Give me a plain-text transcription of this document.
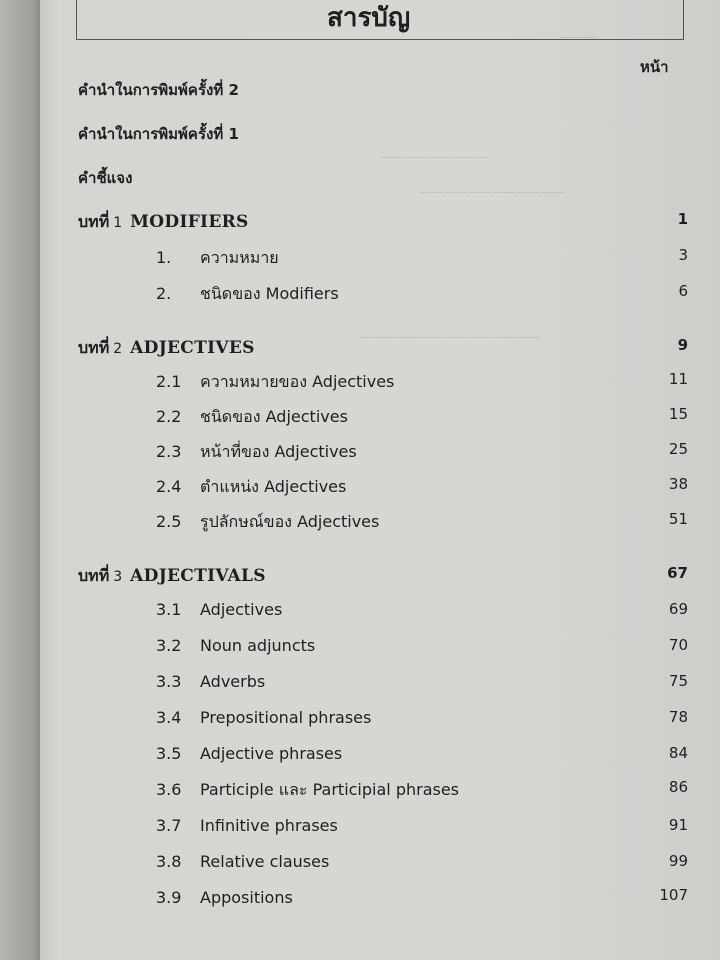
———
—————————
————————————
———————————————
สารบัญ
หน้า
คำนำในการพิมพ์ครั้งที่ 2
คำนำในการพิมพ์ครั้งที่ 1
คำชี้แจง
บทที่ 1 MODIFIERS	1
1. ความหมาย	3
2. ชนิดของ Modifiers	6
บทที่ 2 ADJECTIVES	9
2.1 ความหมายของ Adjectives	11
2.2 ชนิดของ Adjectives	15
2.3 หน้าที่ของ Adjectives	25
2.4 ตำแหน่ง Adjectives	38
2.5 รูปลักษณ์ของ Adjectives	51
บทที่ 3 ADJECTIVALS	67
3.1 Adjectives	69
3.2 Noun adjuncts	70
3.3 Adverbs	75
3.4 Prepositional phrases	78
3.5 Adjective phrases	84
3.6 Participle และ Participial phrases	86
3.7 Infinitive phrases	91
3.8 Relative clauses	99
3.9 Appositions	107
